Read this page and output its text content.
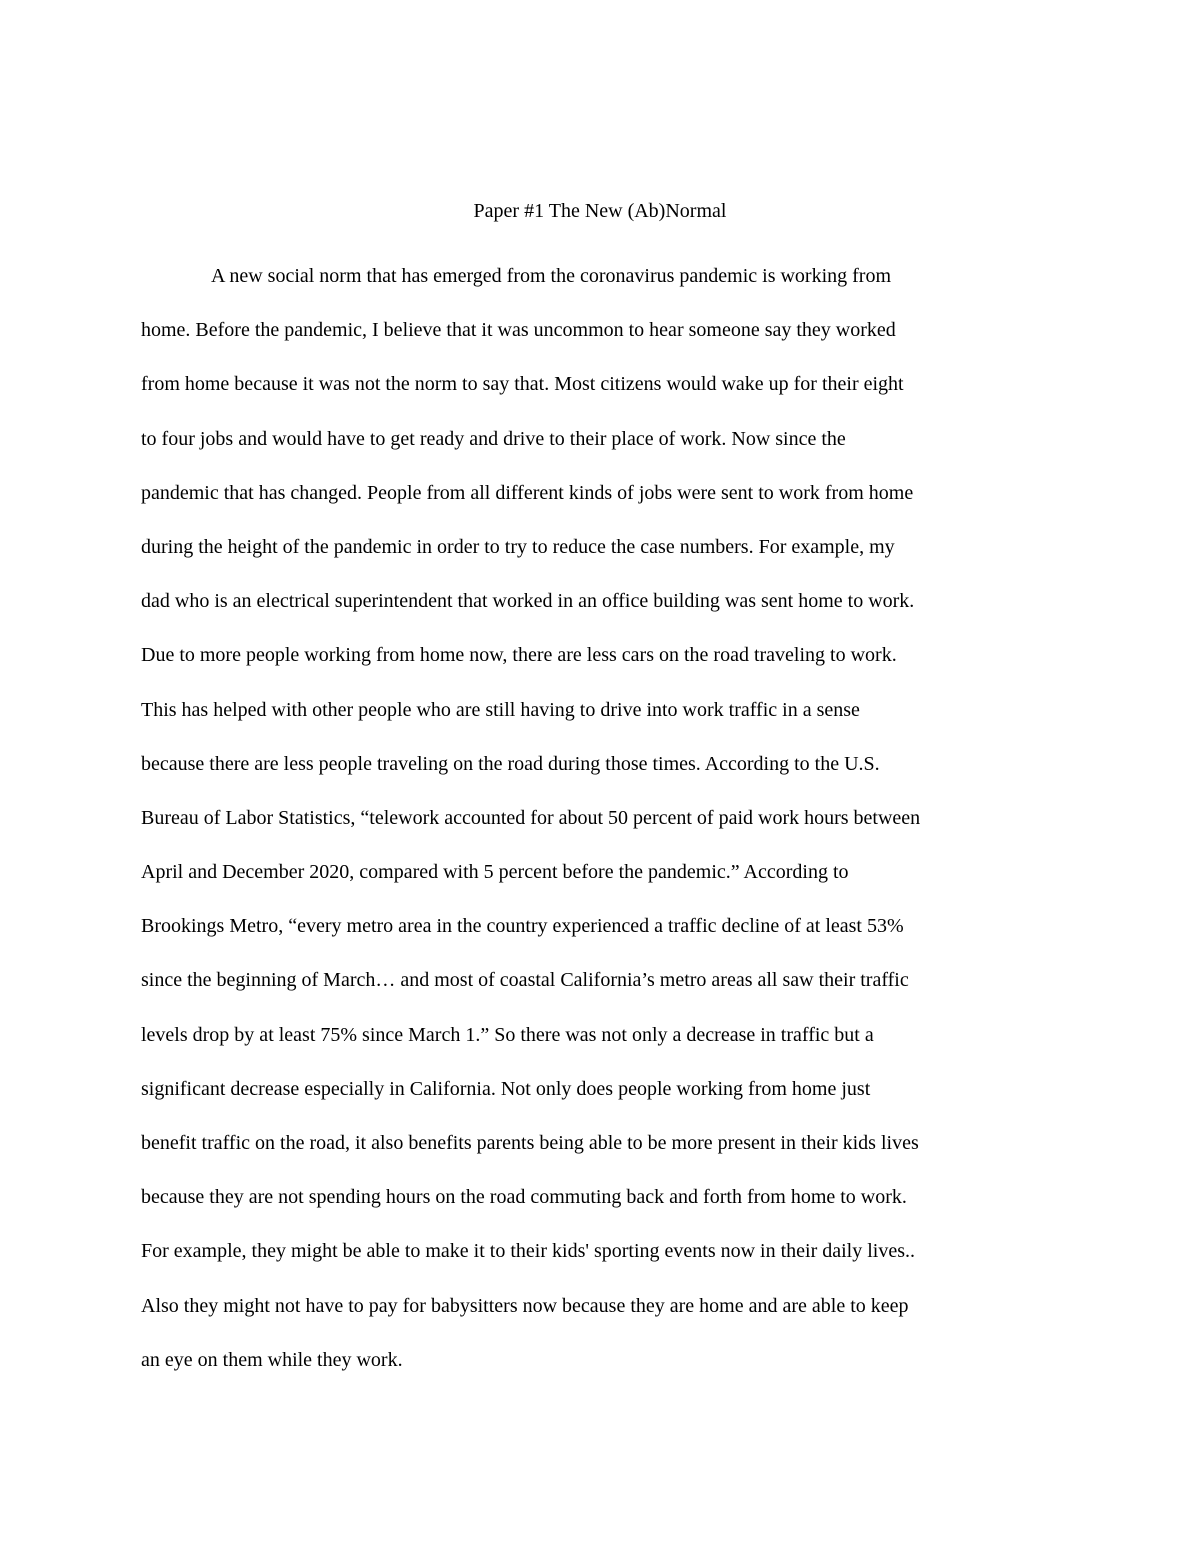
Paper #1 The New (Ab)Normal
A new social norm that has emerged from the coronavirus pandemic is working from
home. Before the pandemic, I believe that it was uncommon to hear someone say they worked
from home because it was not the norm to say that. Most citizens would wake up for their eight
to four jobs and would have to get ready and drive to their place of work. Now since the
pandemic that has changed. People from all different kinds of jobs were sent to work from home
during the height of the pandemic in order to try to reduce the case numbers. For example, my
dad who is an electrical superintendent that worked in an office building was sent home to work.
Due to more people working from home now, there are less cars on the road traveling to work.
This has helped with other people who are still having to drive into work traffic in a sense
because there are less people traveling on the road during those times. According to the U.S.
Bureau of Labor Statistics, “telework accounted for about 50 percent of paid work hours between
April and December 2020, compared with 5 percent before the pandemic.” According to
Brookings Metro, “every metro area in the country experienced a traffic decline of at least 53%
since the beginning of March… and most of coastal California’s metro areas all saw their traffic
levels drop by at least 75% since March 1.” So there was not only a decrease in traffic but a
significant decrease especially in California. Not only does people working from home just
benefit traffic on the road, it also benefits parents being able to be more present in their kids lives
because they are not spending hours on the road commuting back and forth from home to work.
For example, they might be able to make it to their kids' sporting events now in their daily lives..
Also they might not have to pay for babysitters now because they are home and are able to keep
an eye on them while they work.
